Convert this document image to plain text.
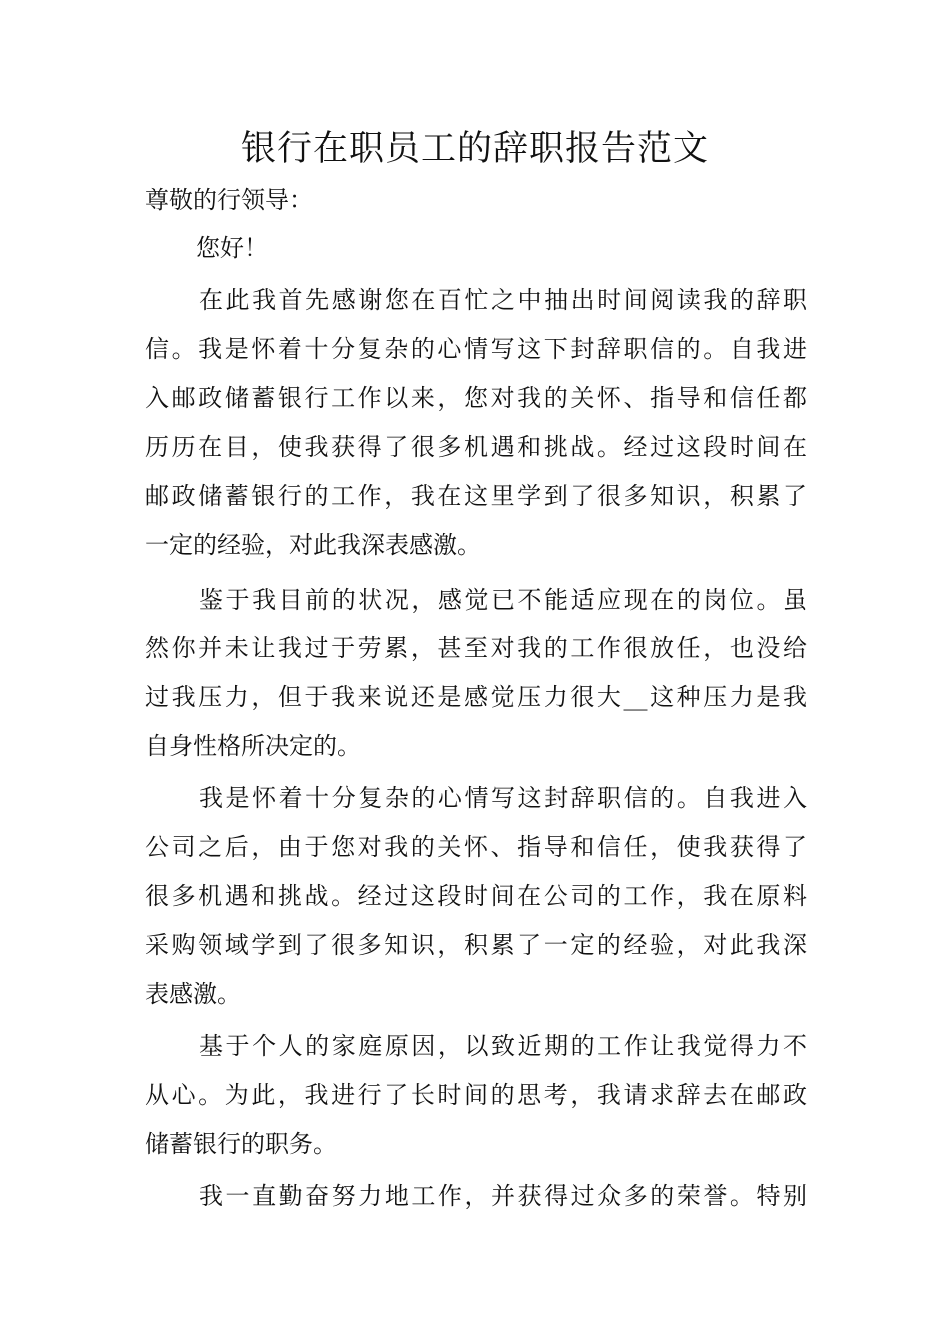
银行在职员工的辞职报告范文
尊敬的行领导：
您好！
在此我首先感谢您在百忙之中抽出时间阅读我的辞职
信。我是怀着十分复杂的心情写这下封辞职信的。自我进
入邮政储蓄银行工作以来，您对我的关怀、指导和信任都
历历在目，使我获得了很多机遇和挑战。经过这段时间在
邮政储蓄银行的工作，我在这里学到了很多知识，积累了
一定的经验，对此我深表感激。
鉴于我目前的状况，感觉已不能适应现在的岗位。虽
然你并未让我过于劳累，甚至对我的工作很放任，也没给
过我压力，但于我来说还是感觉压力很大__这种压力是我
自身性格所决定的。
我是怀着十分复杂的心情写这封辞职信的。自我进入
公司之后，由于您对我的关怀、指导和信任，使我获得了
很多机遇和挑战。经过这段时间在公司的工作，我在原料
采购领域学到了很多知识，积累了一定的经验，对此我深
表感激。
基于个人的家庭原因，以致近期的工作让我觉得力不
从心。为此，我进行了长时间的思考，我请求辞去在邮政
储蓄银行的职务。
我一直勤奋努力地工作，并获得过众多的荣誉。特别
